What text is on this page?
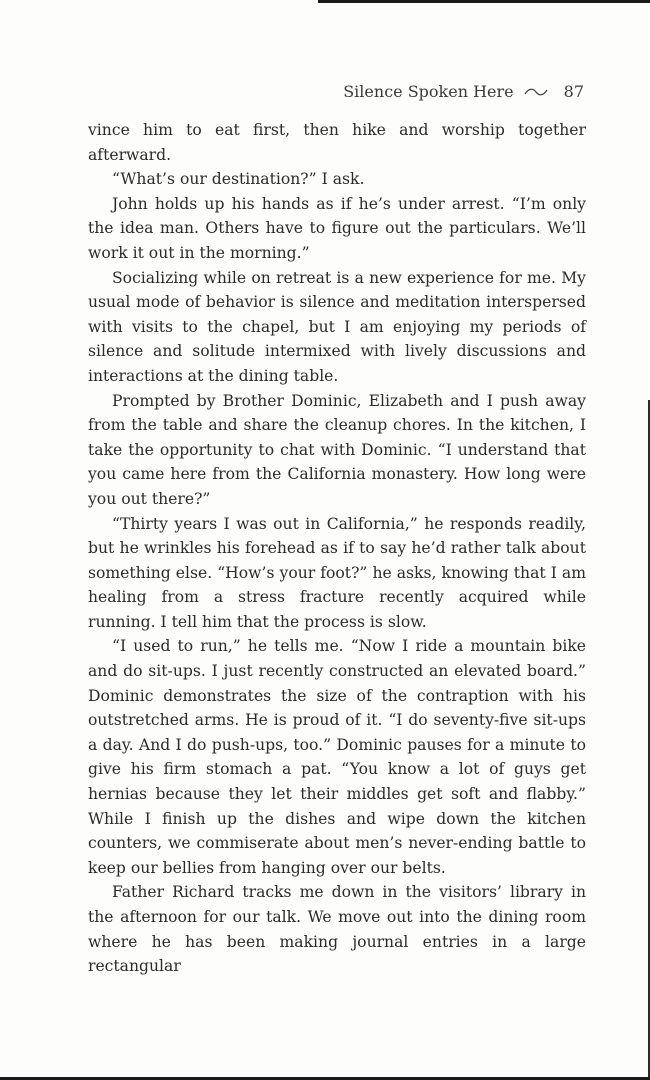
Silence Spoken Here	87

vince him to eat first, then hike and worship together afterward.

“What’s our destination?” I ask.

John holds up his hands as if he’s under arrest. “I’m only the idea man. Others have to figure out the particulars. We’ll work it out in the morning.”

Socializing while on retreat is a new experience for me. My usual mode of behavior is silence and meditation interspersed with visits to the chapel, but I am enjoying my periods of silence and solitude intermixed with lively discussions and interactions at the dining table.

Prompted by Brother Dominic, Elizabeth and I push away from the table and share the cleanup chores. In the kitchen, I take the opportunity to chat with Dominic. “I understand that you came here from the California monastery. How long were you out there?”

“Thirty years I was out in California,” he responds readily, but he wrinkles his forehead as if to say he’d rather talk about something else. “How’s your foot?” he asks, knowing that I am healing from a stress fracture recently acquired while running. I tell him that the process is slow.

“I used to run,” he tells me. “Now I ride a mountain bike and do sit-ups. I just recently constructed an elevated board.” Dominic demonstrates the size of the contraption with his outstretched arms. He is proud of it. “I do seventy-five sit-ups a day. And I do push-ups, too.” Dominic pauses for a minute to give his firm stomach a pat. “You know a lot of guys get hernias because they let their middles get soft and flabby.” While I finish up the dishes and wipe down the kitchen counters, we commiserate about men’s never-ending battle to keep our bellies from hanging over our belts.

Father Richard tracks me down in the visitors’ library in the afternoon for our talk. We move out into the dining room where he has been making journal entries in a large rectangular
